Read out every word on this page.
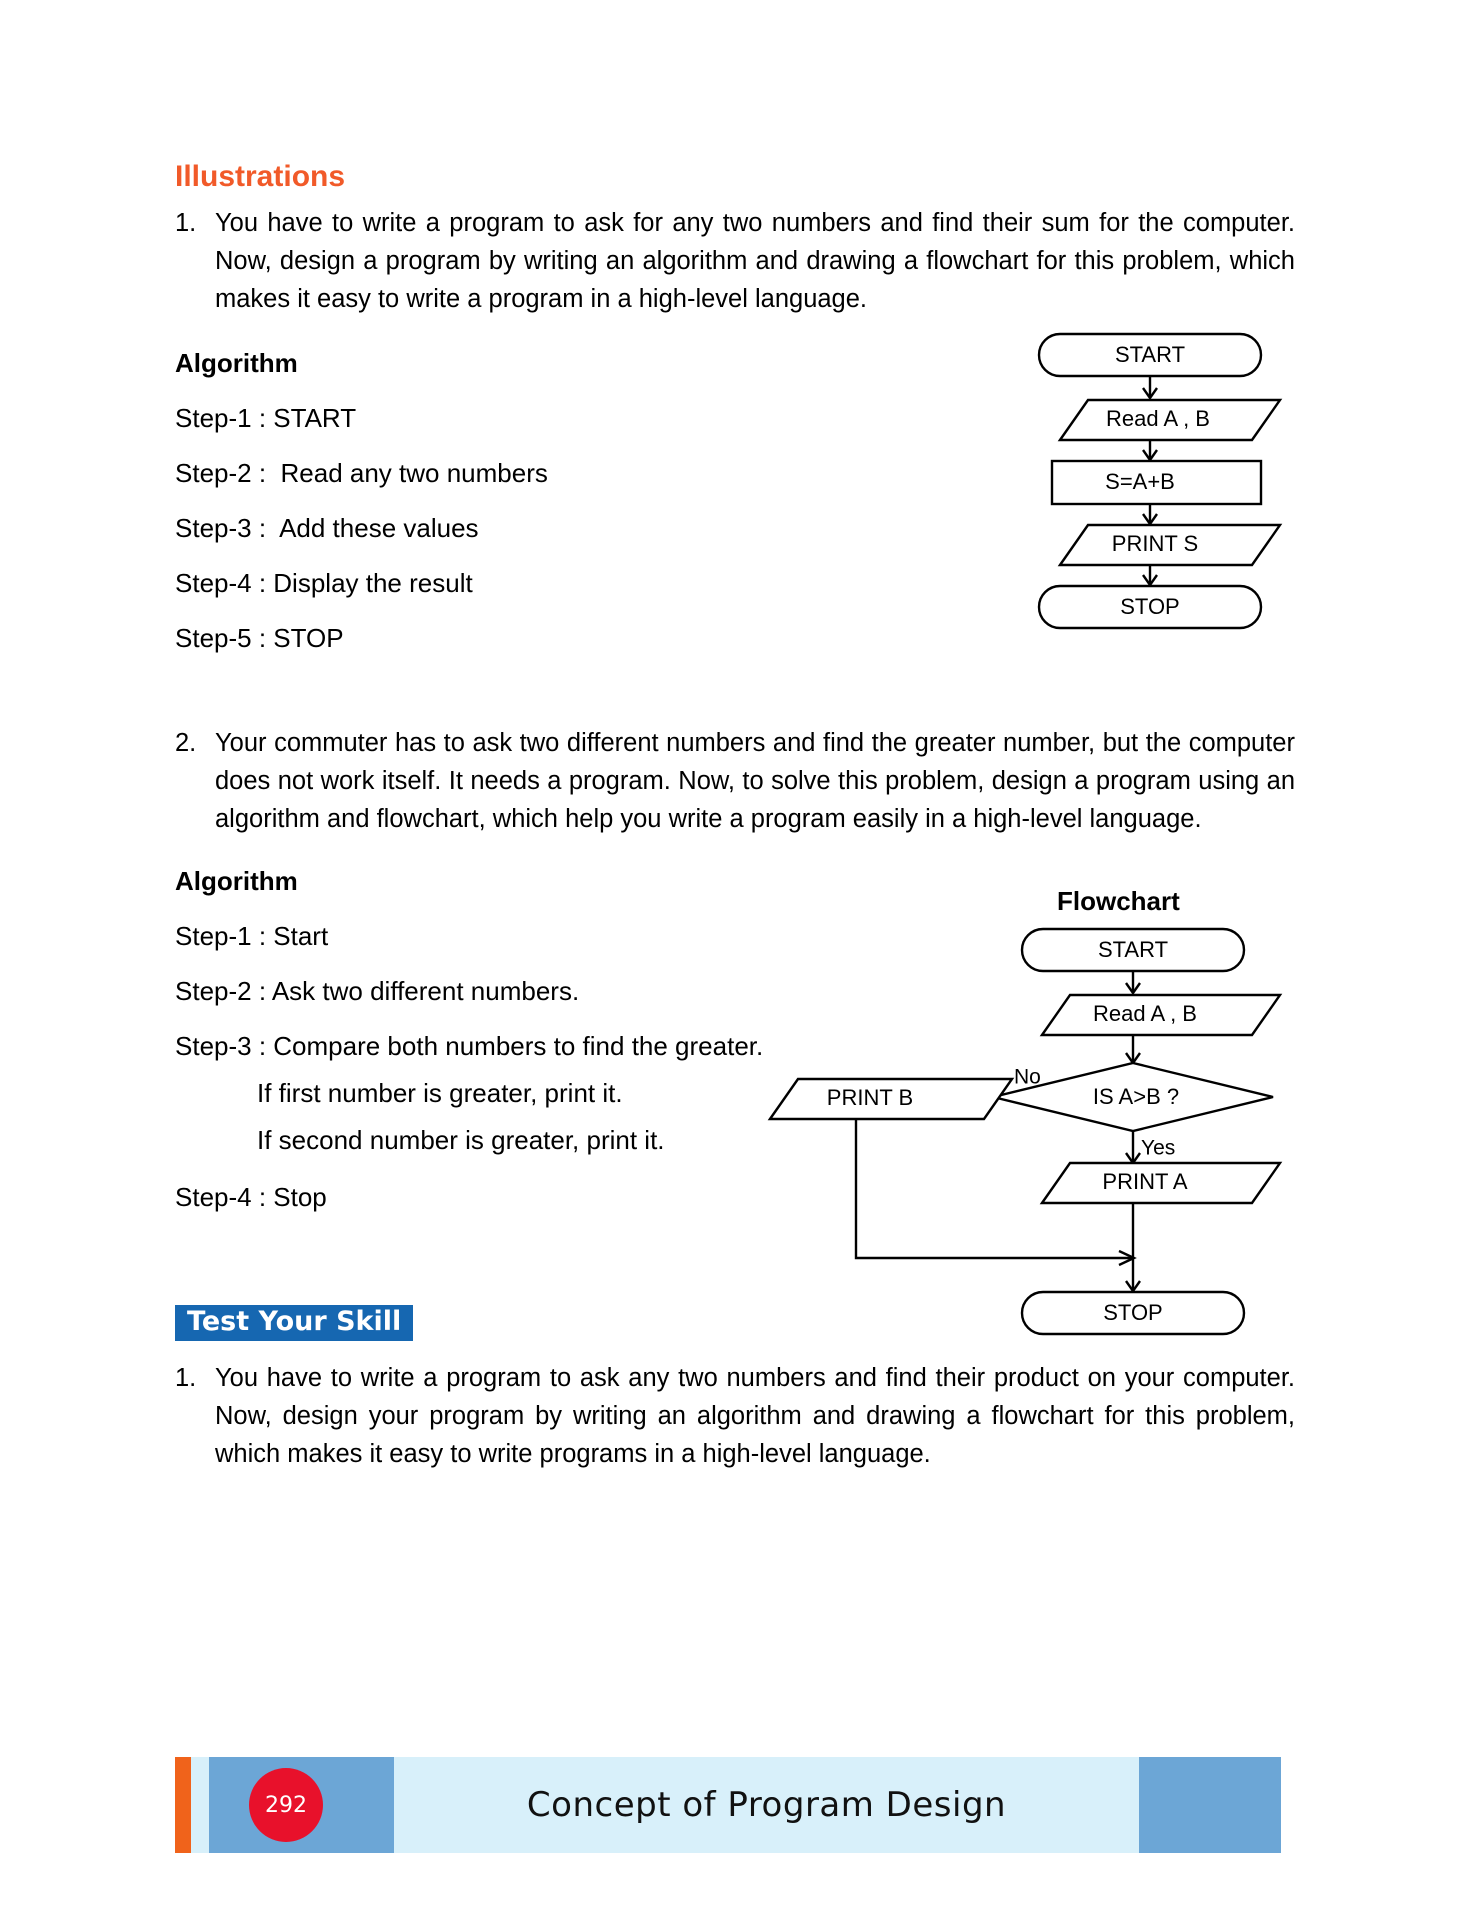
Illustrations
1. You have to write a program to ask for any two numbers and find their sum for the computer. Now, design a program by writing an algorithm and drawing a flowchart for this problem, which makes it easy to write a program in a high-level language.
Algorithm
Step-1 : START
Step-2 :  Read any two numbers
Step-3 :  Add these values
Step-4 : Display the result
Step-5 : STOP
2. Your commuter has to ask two different numbers and find the greater number, but the computer does not work itself. It needs a program. Now, to solve this problem, design a program using an algorithm and flowchart, which help you write a program easily in a high-level language.
Algorithm
Step-1 : Start
Step-2 : Ask two different numbers.
Step-3 : Compare both numbers to find the greater.
If first number is greater, print it.
If second number is greater, print it.
Step-4 : Stop
Test Your Skill
1. You have to write a program to ask any two numbers and find their product on your computer. Now, design your program by writing an algorithm and drawing a flowchart for this problem, which makes it easy to write programs in a high-level language.
START
Read A , B
S=A+B
PRINT S
STOP
Flowchart
START
Read A , B
IS A>B ?
No
PRINT B
Yes
PRINT A
STOP
292	Concept of Program Design
